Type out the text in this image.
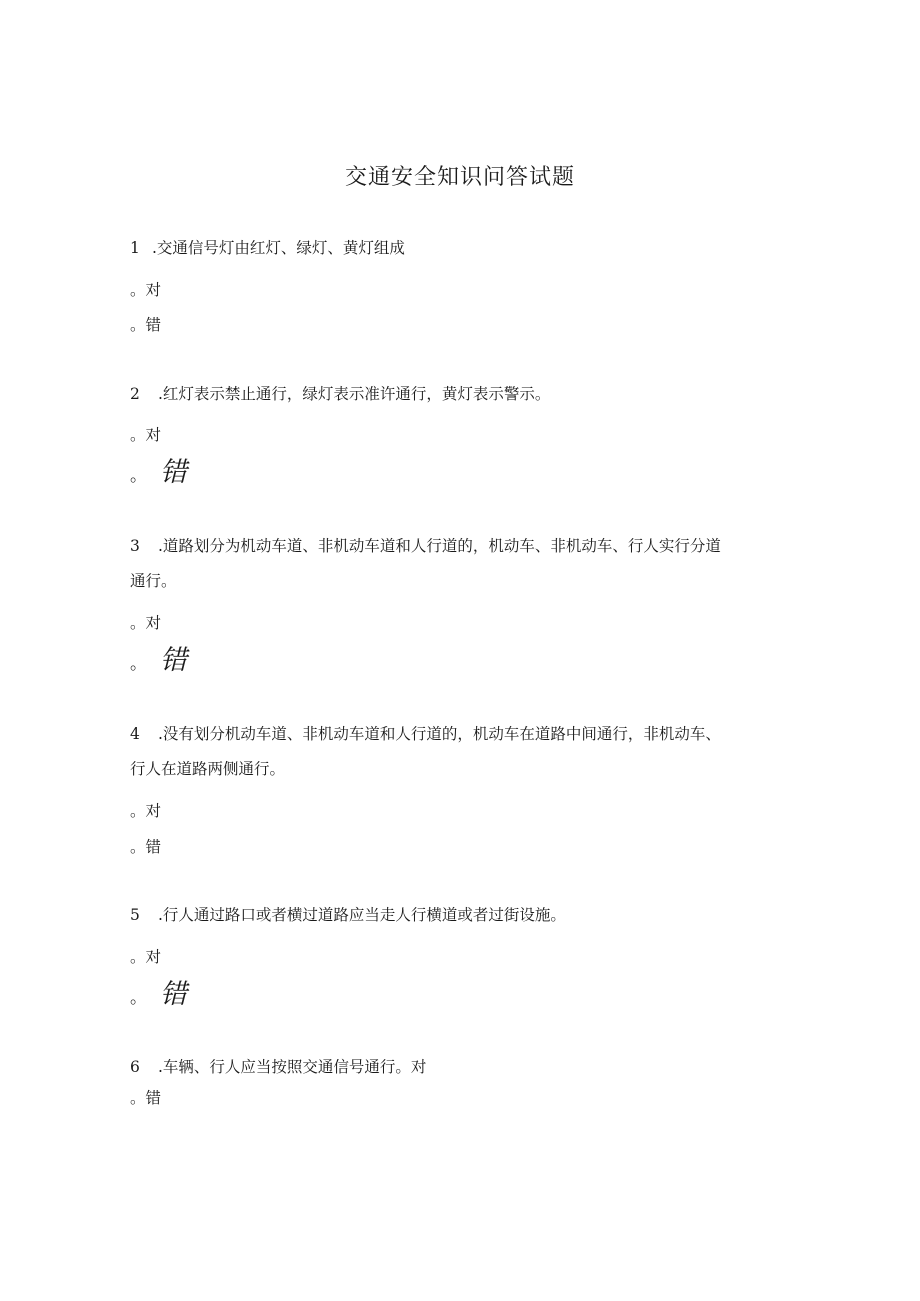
交通安全知识问答试题
1 .交通信号灯由红灯、绿灯、黄灯组成
。对
。错
2 .红灯表示禁止通行，绿灯表示准许通行，黄灯表示警示。
。对
。 错
3 .道路划分为机动车道、非机动车道和人行道的，机动车、非机动车、行人实行分道
通行。
。对
。 错
4 .没有划分机动车道、非机动车道和人行道的，机动车在道路中间通行，非机动车、
行人在道路两侧通行。
。对
。错
5 .行人通过路口或者横过道路应当走人行横道或者过街设施。
。对
。 错
6 .车辆、行人应当按照交通信号通行。对
。错
